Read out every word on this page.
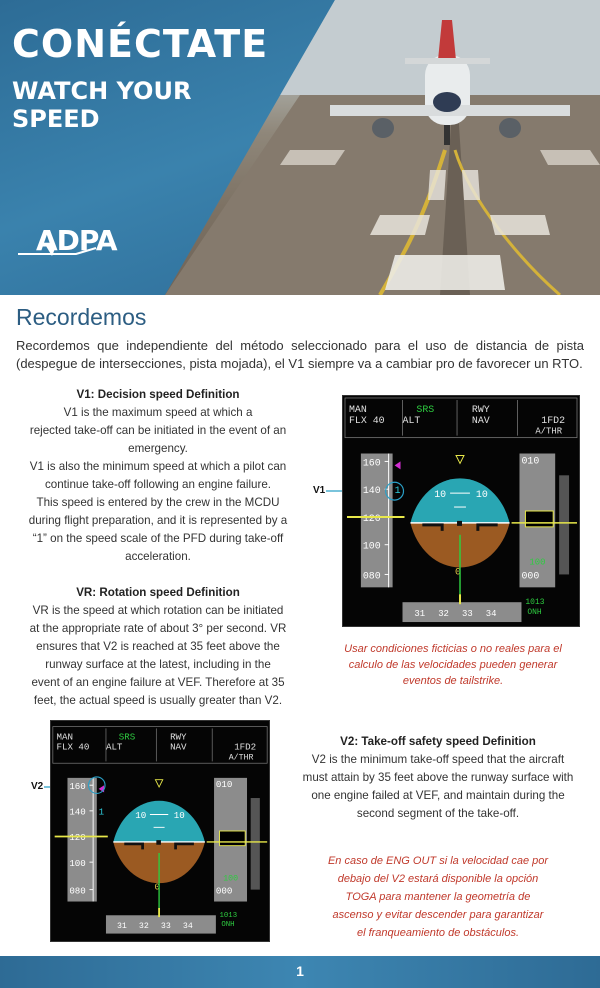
CONÉCTATE
WATCH YOUR SPEED
ADPA
Recordemos
Recordemos que independiente del método seleccionado para el uso de distancia de pista (despegue de intersecciones, pista mojada), el V1 siempre va a cambiar pro de favorecer un RTO.
V1: Decision speed Definition
V1 is the maximum speed at which a
rejected take-off can be initiated in the event of an
emergency.
V1 is also the minimum speed at which a pilot can
continue take-off following an engine failure.
This speed is entered by the crew in the MCDU
during flight preparation, and it is represented by a
“1” on the speed scale of the PFD during take-off
acceleration.
VR: Rotation speed Definition
VR is the speed at which rotation can be initiated
at the appropriate rate of about 3° per second. VR
ensures that V2 is reached at 35 feet above the
runway surface at the latest, including in the
event of an engine failure at VEF. Therefore at 35
feet, the actual speed is usually greater than V2.
Usar condiciones ficticias o no reales para el
calculo de las velocidades pueden generar
eventos de tailstrike.
V2: Take-off safety speed Definition
V2 is the minimum take-off speed that the aircraft
must attain by 35 feet above the runway surface with
one engine failed at VEF, and maintain during the
second segment of the take-off.
En caso de ENG OUT si la velocidad cae por
debajo del V2 estará disponible la opción
TOGA para mantener la geometría de
ascenso y evitar descender para garantizar
el franqueamiento de obstáculos.
V1
MAN
FLX 40
SRS
ALT
RWY
NAV	1FD2
A/THR
160
140
120
100
080
1	10	10
0
010
000
100
31 32 33 34
1013
ONH
V2
MAN
FLX 40
SRS
ALT
RWY
NAV	1FD2
A/THR
160
140
120
100
080
1	10	10
0
010
000
100
31 32 33 34
1013
ONH
1
